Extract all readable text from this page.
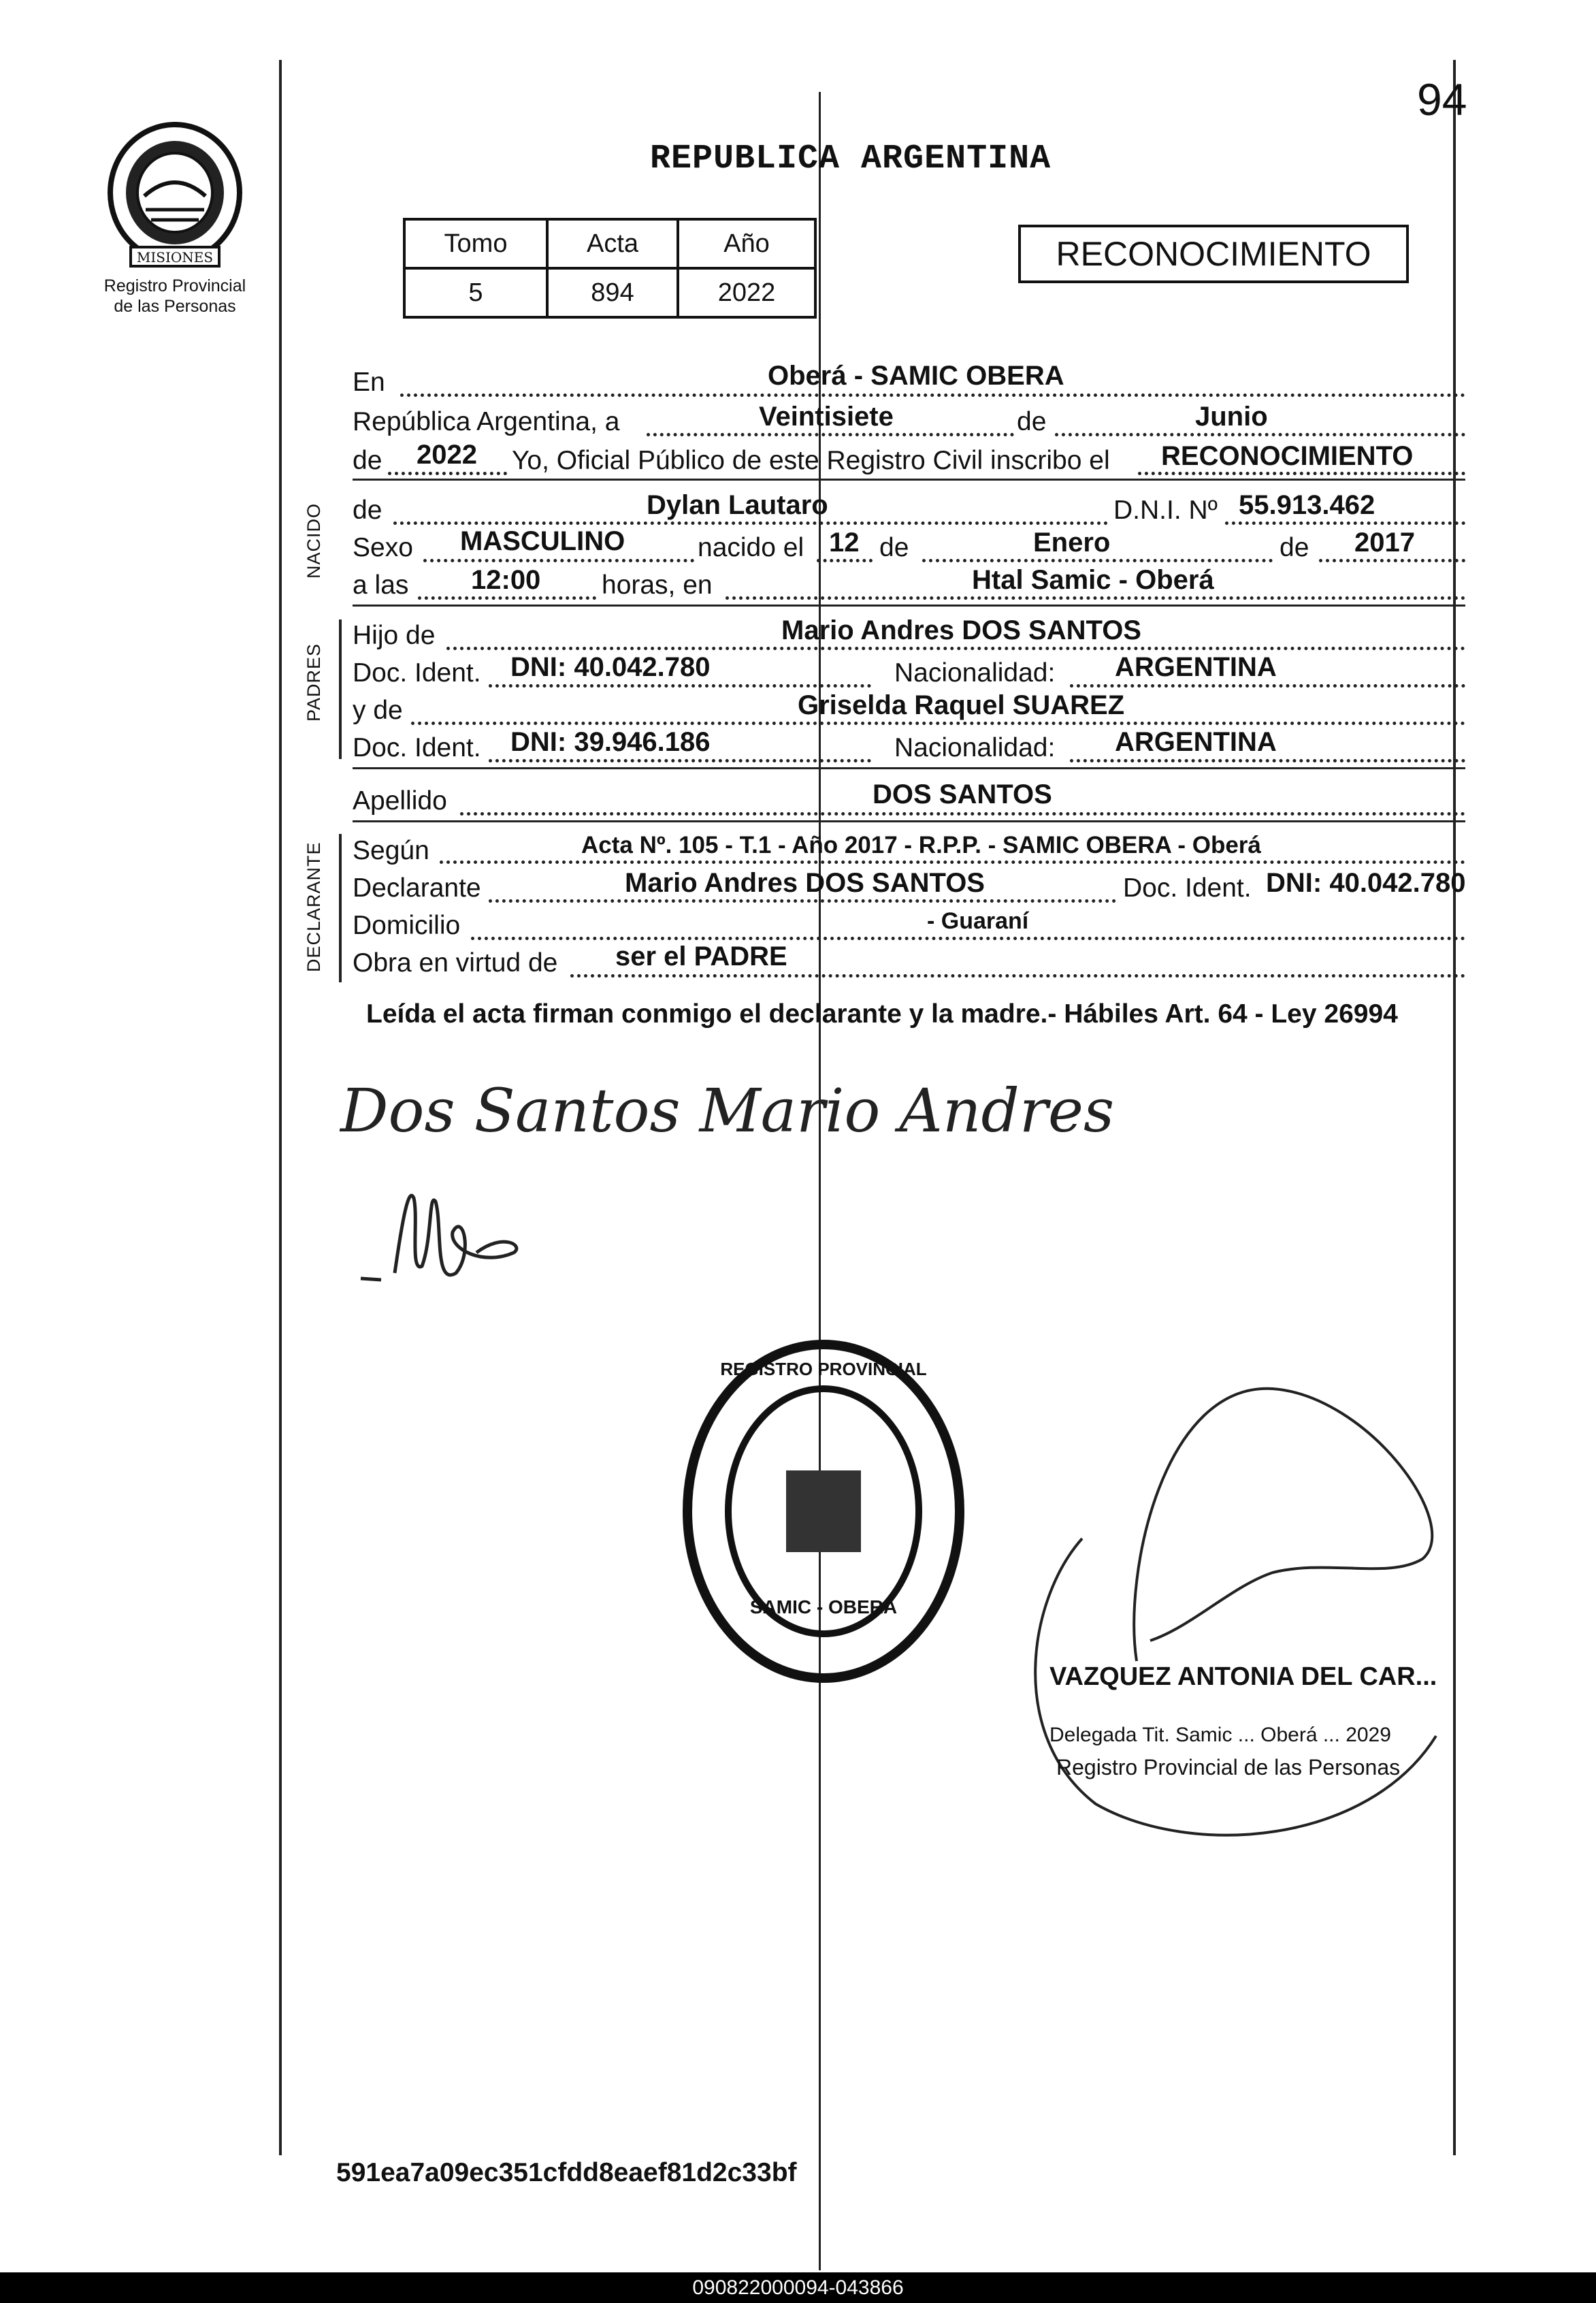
94
MISIONES
Registro Provincial
de las Personas
REPUBLICA ARGENTINA
Tomo	Acta	Año
5	894	2022
RECONOCIMIENTO
En	Oberá - SAMIC OBERA
República Argentina, a	Veintisiete	de	Junio
de 2022 Yo, Oficial Público de este Registro Civil inscribo el RECONOCIMIENTO
NACIDO de	Dylan Lautaro	D.N.I. Nº 55.913.462
Sexo MASCULINO	nacido el 12 de	Enero	de 2017
a las 12:00 horas, en	Htal Samic - Oberá
PADRES
Hijo de	Mario Andres DOS SANTOS
Doc. Ident. DNI: 40.042.780	Nacionalidad: ARGENTINA
y de	Griselda Raquel SUAREZ
Doc. Ident. DNI: 39.946.186	Nacionalidad: ARGENTINA
Apellido	DOS SANTOS
DECLARANTE Según	Acta Nº. 105 - T.1 - Año 2017 - R.P.P. - SAMIC OBERA - Oberá
Declarante	Mario Andres DOS SANTOS	Doc. Ident. DNI: 40.042.780
Domicilio	- Guaraní
Obra en virtud de ser el PADRE
Leída el acta firman conmigo el declarante y la madre.- Hábiles Art. 64 - Ley 26994
Dos Santos Mario Andres
SAMIC - OBERA
REGISTRO PROVINCIAL
VAZQUEZ ANTONIA DEL CAR...
Delegada Tit. Samic ... Oberá ... 2029
Registro Provincial de las Personas
591ea7a09ec351cfdd8eaef81d2c33bf
090822000094-043866
